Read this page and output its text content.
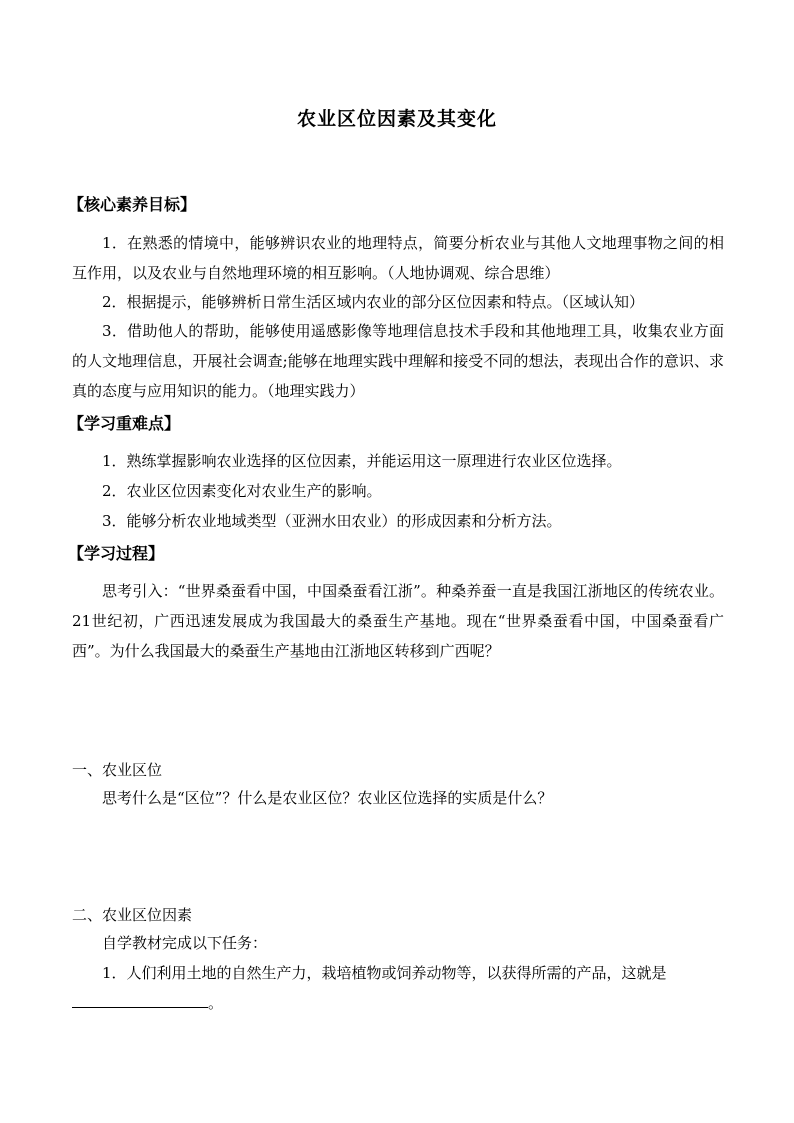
农业区位因素及其变化
【核心素养目标】
1．在熟悉的情境中，能够辨识农业的地理特点，简要分析农业与其他人文地理事物之间的相互作用，以及农业与自然地理环境的相互影响。（人地协调观、综合思维）
2．根据提示，能够辨析日常生活区域内农业的部分区位因素和特点。（区域认知）
3．借助他人的帮助，能够使用遥感影像等地理信息技术手段和其他地理工具，收集农业方面的人文地理信息，开展社会调查;能够在地理实践中理解和接受不同的想法，表现出合作的意识、求真的态度与应用知识的能力。（地理实践力）
【学习重难点】
1．熟练掌握影响农业选择的区位因素，并能运用这一原理进行农业区位选择。
2．农业区位因素变化对农业生产的影响。
3．能够分析农业地域类型（亚洲水田农业）的形成因素和分析方法。
【学习过程】
思考引入：“世界桑蚕看中国，中国桑蚕看江浙”。种桑养蚕一直是我国江浙地区的传统农业。21世纪初，广西迅速发展成为我国最大的桑蚕生产基地。现在“世界桑蚕看中国，中国桑蚕看广西”。为什么我国最大的桑蚕生产基地由江浙地区转移到广西呢？
一、农业区位
思考什么是“区位”？什么是农业区位？农业区位选择的实质是什么？
二、农业区位因素
自学教材完成以下任务：
1．人们利用土地的自然生产力，栽培植物或饲养动物等，以获得所需的产品，这就是
。
